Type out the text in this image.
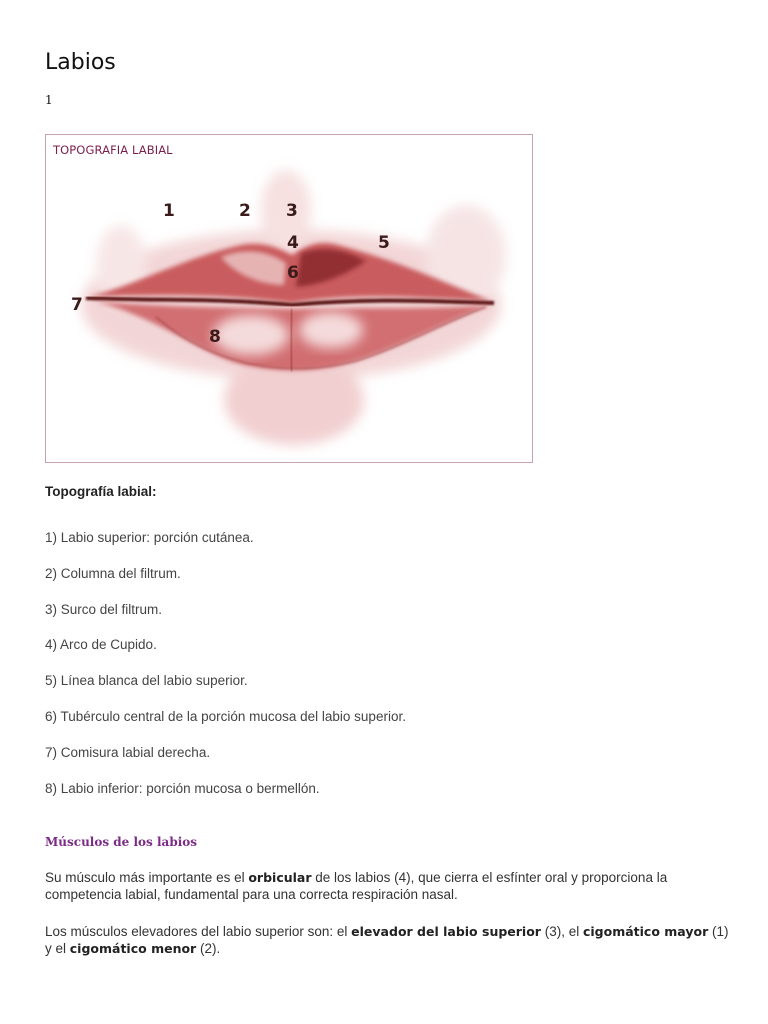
Labios
1
TOPOGRAFIA LABIAL
1	2 3
4	5
6
7
8
Topografía labial:
1) Labio superior: porción cutánea.
2) Columna del filtrum.
3) Surco del filtrum.
4) Arco de Cupido.
5) Línea blanca del labio superior.
6) Tubérculo central de la porción mucosa del labio superior.
7) Comisura labial derecha.
8) Labio inferior: porción mucosa o bermellón.
Músculos de los labios

Su músculo más importante es el orbicular de los labios (4), que cierra el esfínter oral y proporciona la competencia labial, fundamental para una correcta respiración nasal.

Los músculos elevadores del labio superior son: el elevador del labio superior (3), el cigomático mayor (1) y el cigomático menor (2).
